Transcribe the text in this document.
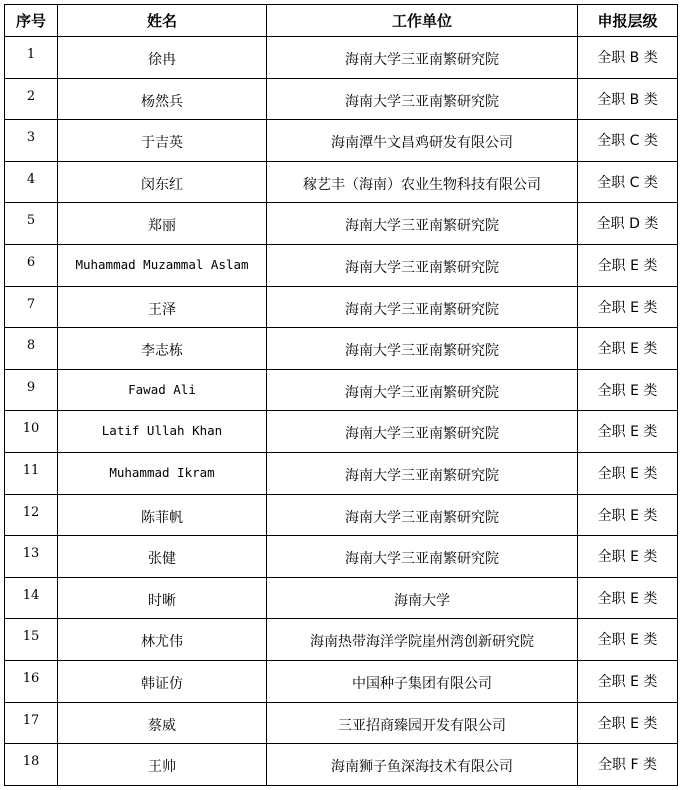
序号	姓名	工作单位	申报层级
1	徐冉	海南大学三亚南繁研究院	全职 B 类
2	杨然兵	海南大学三亚南繁研究院	全职 B 类
3	于吉英	海南潭牛文昌鸡研发有限公司	全职 C 类
4	闵东红	稼艺丰（海南）农业生物科技有限公司	全职 C 类
5	郑丽	海南大学三亚南繁研究院	全职 D 类
6	Muhammad Muzammal Aslam	海南大学三亚南繁研究院	全职 E 类
7	王泽	海南大学三亚南繁研究院	全职 E 类
8	李志栋	海南大学三亚南繁研究院	全职 E 类
9	Fawad Ali	海南大学三亚南繁研究院	全职 E 类
10	Latif Ullah Khan	海南大学三亚南繁研究院	全职 E 类
11	Muhammad Ikram	海南大学三亚南繁研究院	全职 E 类
12	陈菲帆	海南大学三亚南繁研究院	全职 E 类
13	张健	海南大学三亚南繁研究院	全职 E 类
14	时晰	海南大学	全职 E 类
15	林尤伟	海南热带海洋学院崖州湾创新研究院	全职 E 类
16	韩证仿	中国种子集团有限公司	全职 E 类
17	蔡威	三亚招商臻园开发有限公司	全职 E 类
18	王帅	海南狮子鱼深海技术有限公司	全职 F 类
